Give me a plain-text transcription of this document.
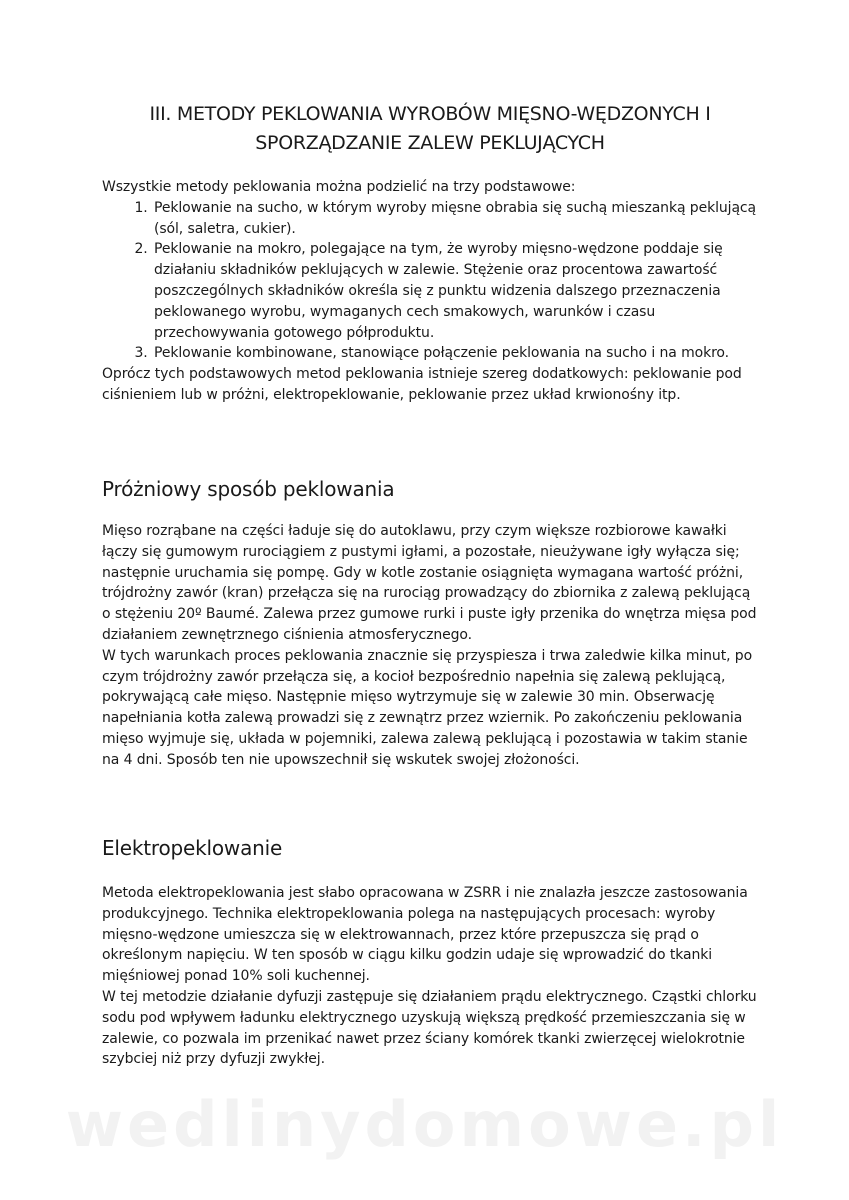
III. METODY PEKLOWANIA WYROBÓW MIĘSNO-WĘDZONYCH I SPORZĄDZANIE ZALEW PEKLUJĄCYCH

Wszystkie metody peklowania można podzielić na trzy podstawowe:

1. Peklowanie na sucho, w którym wyroby mięsne obrabia się suchą mieszanką peklującą (sól, saletra, cukier).
2. Peklowanie na mokro, polegające na tym, że wyroby mięsno-wędzone poddaje się działaniu składników peklujących w zalewie. Stężenie oraz procentowa zawartość poszczególnych składników określa się z punktu widzenia dalszego przeznaczenia peklowanego wyrobu, wymaganych cech smakowych, warunków i czasu przechowywania gotowego półproduktu.
3. Peklowanie kombinowane, stanowiące połączenie peklowania na sucho i na mokro.

Oprócz tych podstawowych metod peklowania istnieje szereg dodatkowych: peklowanie pod ciśnieniem lub w próżni, elektropeklowanie, peklowanie przez układ krwionośny itp.

Próżniowy sposób peklowania

Mięso rozrąbane na części ładuje się do autoklawu, przy czym większe rozbiorowe kawałki łączy się gumowym rurociągiem z pustymi igłami, a pozostałe, nieużywane igły wyłącza się; następnie uruchamia się pompę. Gdy w kotle zostanie osiągnięta wymagana wartość próżni, trójdrożny zawór (kran) przełącza się na rurociąg prowadzący do zbiornika z zalewą peklującą o stężeniu 20º Baumé. Zalewa przez gumowe rurki i puste igły przenika do wnętrza mięsa pod działaniem zewnętrznego ciśnienia atmosferycznego.

W tych warunkach proces peklowania znacznie się przyspiesza i trwa zaledwie kilka minut, po czym trójdrożny zawór przełącza się, a kocioł bezpośrednio napełnia się zalewą peklującą, pokrywającą całe mięso. Następnie mięso wytrzymuje się w zalewie 30 min. Obserwację napełniania kotła zalewą prowadzi się z zewnątrz przez wziernik. Po zakończeniu peklowania mięso wyjmuje się, układa w pojemniki, zalewa zalewą peklującą i pozostawia w takim stanie na 4 dni. Sposób ten nie upowszechnił się wskutek swojej złożoności.

Elektropeklowanie

Metoda elektropeklowania jest słabo opracowana w ZSRR i nie znalazła jeszcze zastosowania produkcyjnego. Technika elektropeklowania polega na następujących procesach: wyroby mięsno-wędzone umieszcza się w elektrowannach, przez które przepuszcza się prąd o określonym napięciu. W ten sposób w ciągu kilku godzin udaje się wprowadzić do tkanki mięśniowej ponad 10% soli kuchennej.

W tej metodzie działanie dyfuzji zastępuje się działaniem prądu elektrycznego. Cząstki chlorku sodu pod wpływem ładunku elektrycznego uzyskują większą prędkość przemieszczania się w zalewie, co pozwala im przenikać nawet przez ściany komórek tkanki zwierzęcej wielokrotnie szybciej niż przy dyfuzji zwykłej.

wedlinydomowe.pl
